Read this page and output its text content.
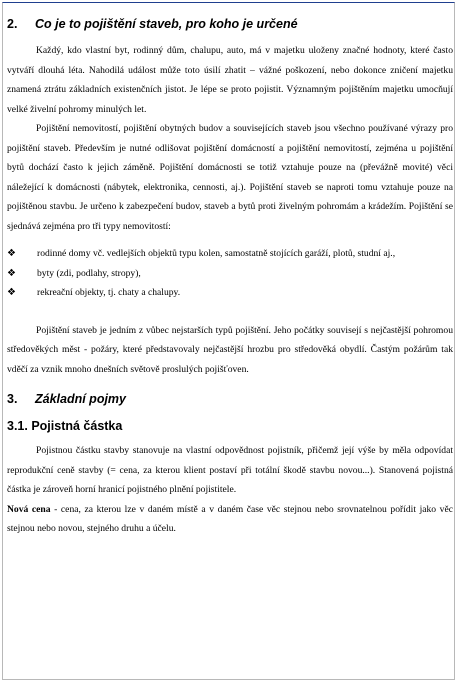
2.	Co je to pojištění staveb, pro koho je určené

Každý, kdo vlastní byt, rodinný dům, chalupu, auto, má v majetku uloženy značné hodnoty, které často vytváří dlouhá léta. Nahodilá událost může toto úsilí zhatit – vážné poškození, nebo dokonce zničení majetku znamená ztrátu základních existenčních jistot. Je lépe se proto pojistit. Významným pojištěním majetku umocňují velké živelní pohromy minulých let.

Pojištění nemovitostí, pojištění obytných budov a souvisejících staveb jsou všechno používané výrazy pro pojištění staveb. Především je nutné odlišovat pojištění domácností a pojištění nemovitostí, zejména u pojištění bytů dochází často k jejich záměně. Pojištění domácnosti se totiž vztahuje pouze na (převážně movité) věci náležející k domácnosti (nábytek, elektronika, cennosti, aj.). Pojištění staveb se naproti tomu vztahuje pouze na pojištěnou stavbu. Je určeno k zabezpečení budov, staveb a bytů proti živelným pohromám a krádežím. Pojištění se sjednává zejména pro tři typy nemovitostí:

❖ rodinné domy vč. vedlejších objektů typu kolen, samostatně stojících garáží, plotů, studní aj.,
❖ byty (zdi, podlahy, stropy),
❖ rekreační objekty, tj. chaty a chalupy.

Pojištění staveb je jedním z vůbec nejstarších typů pojištění. Jeho počátky souvisejí s nejčastější pohromou středověkých měst - požáry, které představovaly nejčastější hrozbu pro středověká obydlí. Častým požárům tak vděčí za vznik mnoho dnešních světově proslulých pojišťoven.

3.	Základní pojmy
3.1. Pojistná částka

Pojistnou částku stavby stanovuje na vlastní odpovědnost pojistník, přičemž její výše by měla odpovídat reprodukční ceně stavby (= cena, za kterou klient postaví při totální škodě stavbu novou...). Stanovená pojistná částka je zároveň horní hranicí pojistného plnění pojistitele.

Nová cena - cena, za kterou lze v daném místě a v daném čase věc stejnou nebo srovnatelnou pořídit jako věc stejnou nebo novou, stejného druhu a účelu.
